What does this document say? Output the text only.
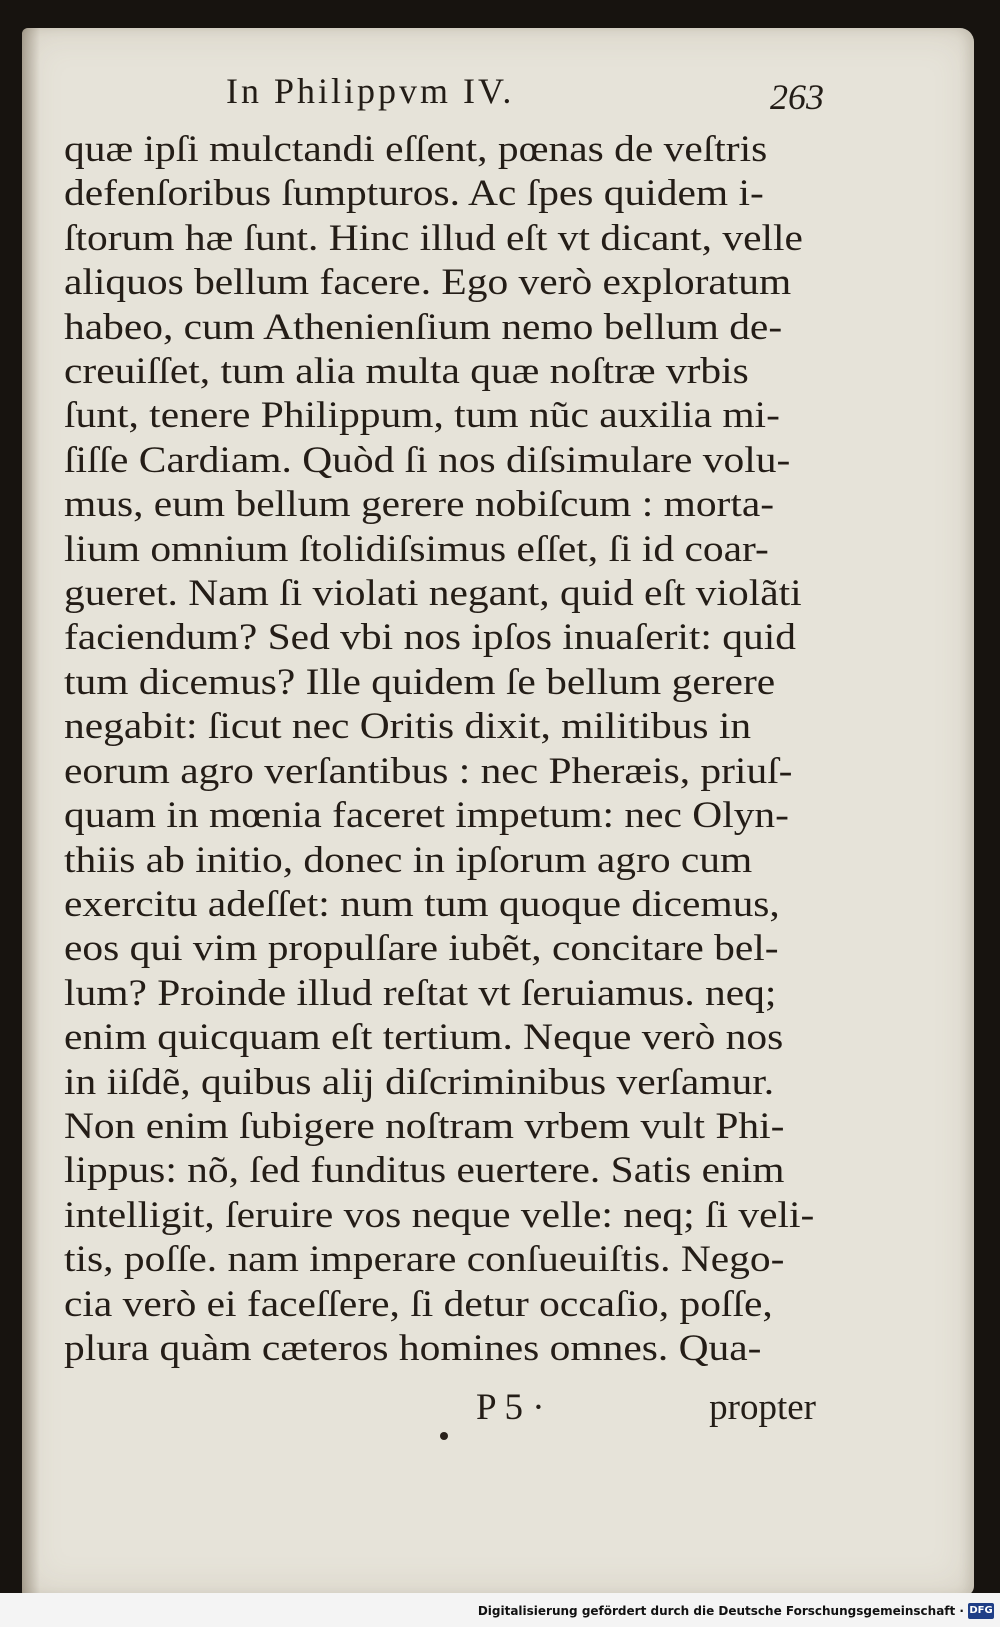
In Philippvm IV.	263
quæ ipſi mulctandi eſſent, pœnas de veſtris
defenſoribus ſumpturos. Ac ſpes quidem i-
ſtorum hæ ſunt. Hinc illud eſt vt dicant, velle
aliquos bellum facere. Ego verò exploratum
habeo, cum Athenienſium nemo bellum de-
creuiſſet, tum alia multa quæ noſtræ vrbis
ſunt, tenere Philippum, tum nũc auxilia mi-
ſiſſe Cardiam. Quòd ſi nos diſsimulare volu-
mus, eum bellum gerere nobiſcum : morta-
lium omnium ſtolidiſsimus eſſet, ſi id coar-
gueret. Nam ſi violati negant, quid eſt violãti
faciendum? Sed vbi nos ipſos inuaſerit: quid
tum dicemus? Ille quidem ſe bellum gerere
negabit: ſicut nec Oritis dixit, militibus in
eorum agro verſantibus : nec Pheræis, priuſ-
quam in mœnia faceret impetum: nec Olyn-
thiis ab initio, donec in ipſorum agro cum
exercitu adeſſet: num tum quoque dicemus,
eos qui vim propulſare iubẽt, concitare bel-
lum? Proinde illud reſtat vt ſeruiamus. neq;
enim quicquam eſt tertium. Neque verò nos
in iiſdẽ, quibus alij diſcriminibus verſamur.
Non enim ſubigere noſtram vrbem vult Phi-
lippus: nõ, ſed funditus euertere. Satis enim
intelligit, ſeruire vos neque velle: neq; ſi veli-
tis, poſſe. nam imperare conſueuiſtis. Nego-
cia verò ei faceſſere, ſi detur occaſio, poſſe,
plura quàm cæteros homines omnes. Qua-
P 5 ·	propter
Digitalisierung gefördert durch die Deutsche Forschungsgemeinschaft · DFG
